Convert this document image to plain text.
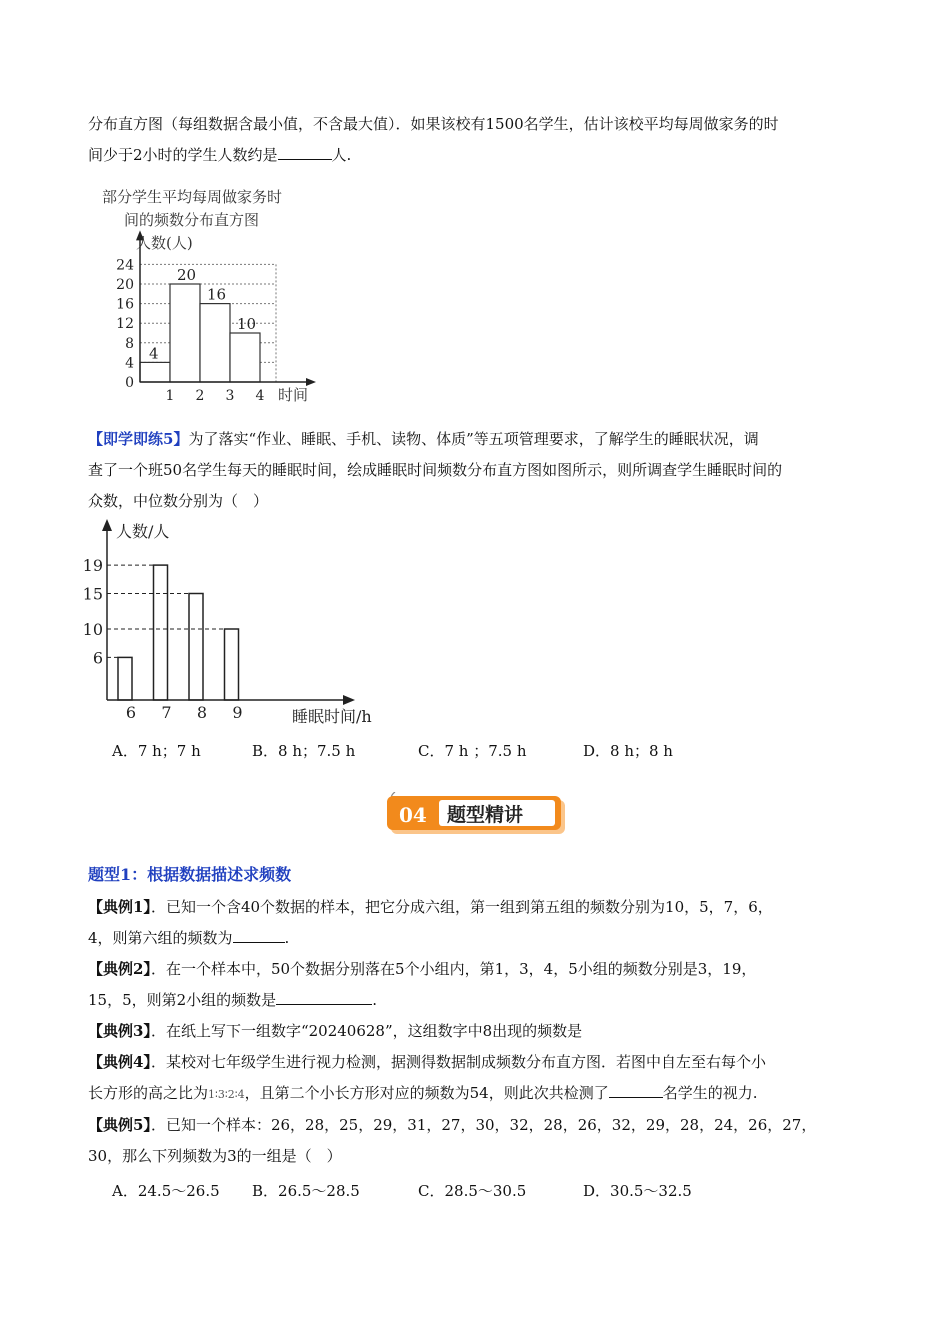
分布直方图（每组数据含最小值，不含最大值）．如果该校有1500名学生，估计该校平均每周做家务的时
间少于2小时的学生人数约是	人.
部分学生平均每周做家务时
间的频数分布直方图
人数(人)
时间
24
20
16
12
8
4
0
1 2 3 4
4
20
16
10
【即学即练5】为了落实“作业、睡眠、手机、读物、体质”等五项管理要求，了解学生的睡眠状况，调
查了一个班50名学生每天的睡眠时间，绘成睡眠时间频数分布直方图如图所示，则所调查学生睡眠时间的
众数，中位数分别为（　）
人数/人
睡眠时间/h
19
15
10
6
6 7 8 9
A．7 h；7 h	B．8 h；7.5 h	C．7 h ；7.5 h	D．8 h；8 h
04 题型精讲
题型1：根据数据描述求频数
【典例1】．已知一个含40个数据的样本，把它分成六组，第一组到第五组的频数分别为10，5，7，6，
4，则第六组的频数为	.
【典例2】．在一个样本中，50个数据分别落在5个小组内，第1，3，4，5小组的频数分别是3，19，
15，5，则第2小组的频数是	.
【典例3】．在纸上写下一组数字“20240628”，这组数字中8出现的频数是
【典例4】．某校对七年级学生进行视力检测，据测得数据制成频数分布直方图．若图中自左至右每个小
长方形的高之比为1∶3∶2∶4，且第二个小长方形对应的频数为54，则此次共检测了	名学生的视力.
【典例5】．已知一个样本：26，28，25，29，31，27，30，32，28，26，32，29，28，24，26，27，
30，那么下列频数为3的一组是（　）
A．24.5～26.5 B．26.5～28.5	C．28.5～30.5	D．30.5～32.5
